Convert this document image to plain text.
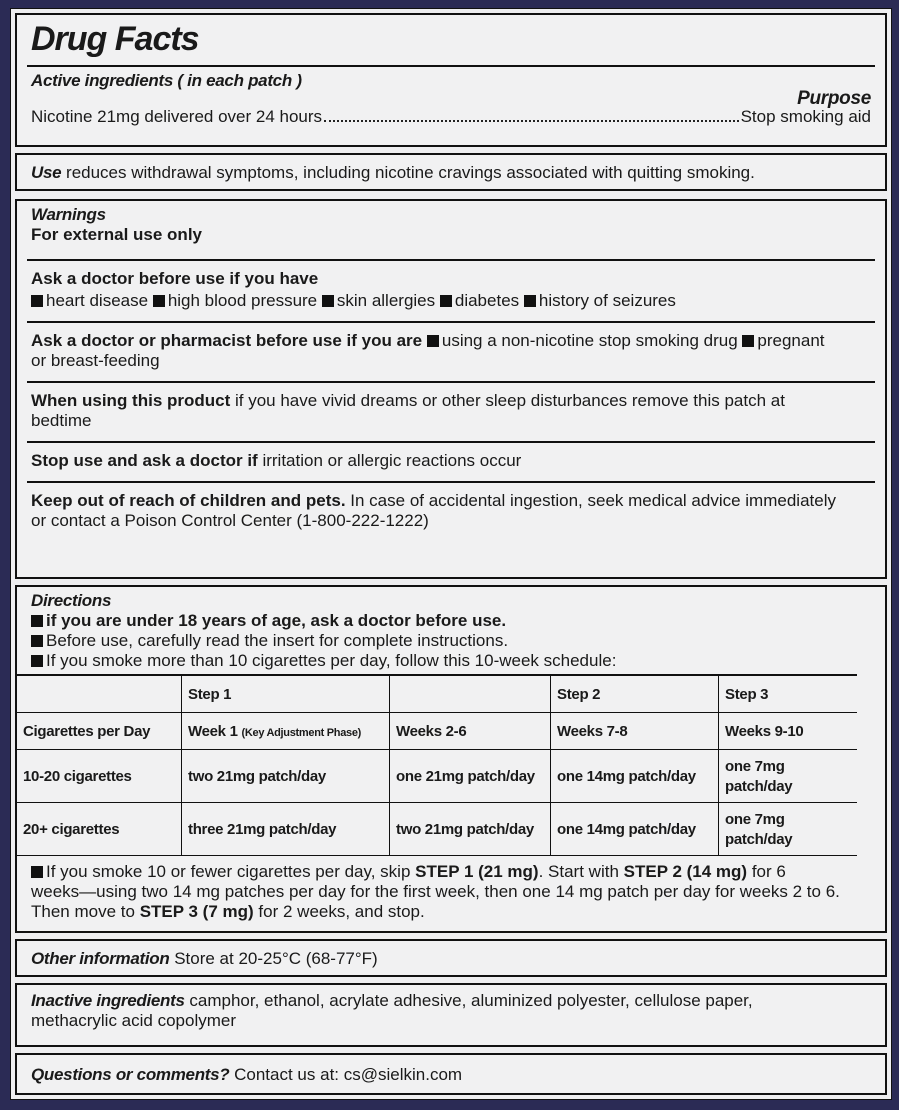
Drug Facts
Active ingredients ( in each patch )
Purpose
Nicotine 21mg delivered over 24 hours	Stop smoking aid
Use reduces withdrawal symptoms, including nicotine cravings associated with quitting smoking.
Warnings
For external use only
Ask a doctor before use if you have
heart disease high blood pressure skin allergies diabetes history of seizures
Ask a doctor or pharmacist before use if you are using a non-nicotine stop smoking drug pregnant
or breast-feeding
When using this product if you have vivid dreams or other sleep disturbances remove this patch at
bedtime
Stop use and ask a doctor if irritation or allergic reactions occur
Keep out of reach of children and pets. In case of accidental ingestion, seek medical advice immediately
or contact a Poison Control Center (1-800-222-1222)
Directions
if you are under 18 years of age, ask a doctor before use.
Before use, carefully read the insert for complete instructions.
If you smoke more than 10 cigarettes per day, follow this 10-week schedule:
	Step 1		Step 2	Step 3
Cigarettes per Day	Week 1 (Key Adjustment Phase)	Weeks 2-6	Weeks 7-8	Weeks 9-10
10-20 cigarettes	two 21mg patch/day	one 21mg patch/day	one 14mg patch/day	one 7mg patch/day
20+ cigarettes	three 21mg patch/day	two 21mg patch/day	one 14mg patch/day	one 7mg patch/day
If you smoke 10 or fewer cigarettes per day, skip STEP 1 (21 mg). Start with STEP 2 (14 mg) for 6
weeks—using two 14 mg patches per day for the first week, then one 14 mg patch per day for weeks 2 to 6.
Then move to STEP 3 (7 mg) for 2 weeks, and stop.
Other information Store at 20-25°C (68-77°F)
Inactive ingredients camphor, ethanol, acrylate adhesive, aluminized polyester, cellulose paper,
methacrylic acid copolymer
Questions or comments? Contact us at: cs@sielkin.com
